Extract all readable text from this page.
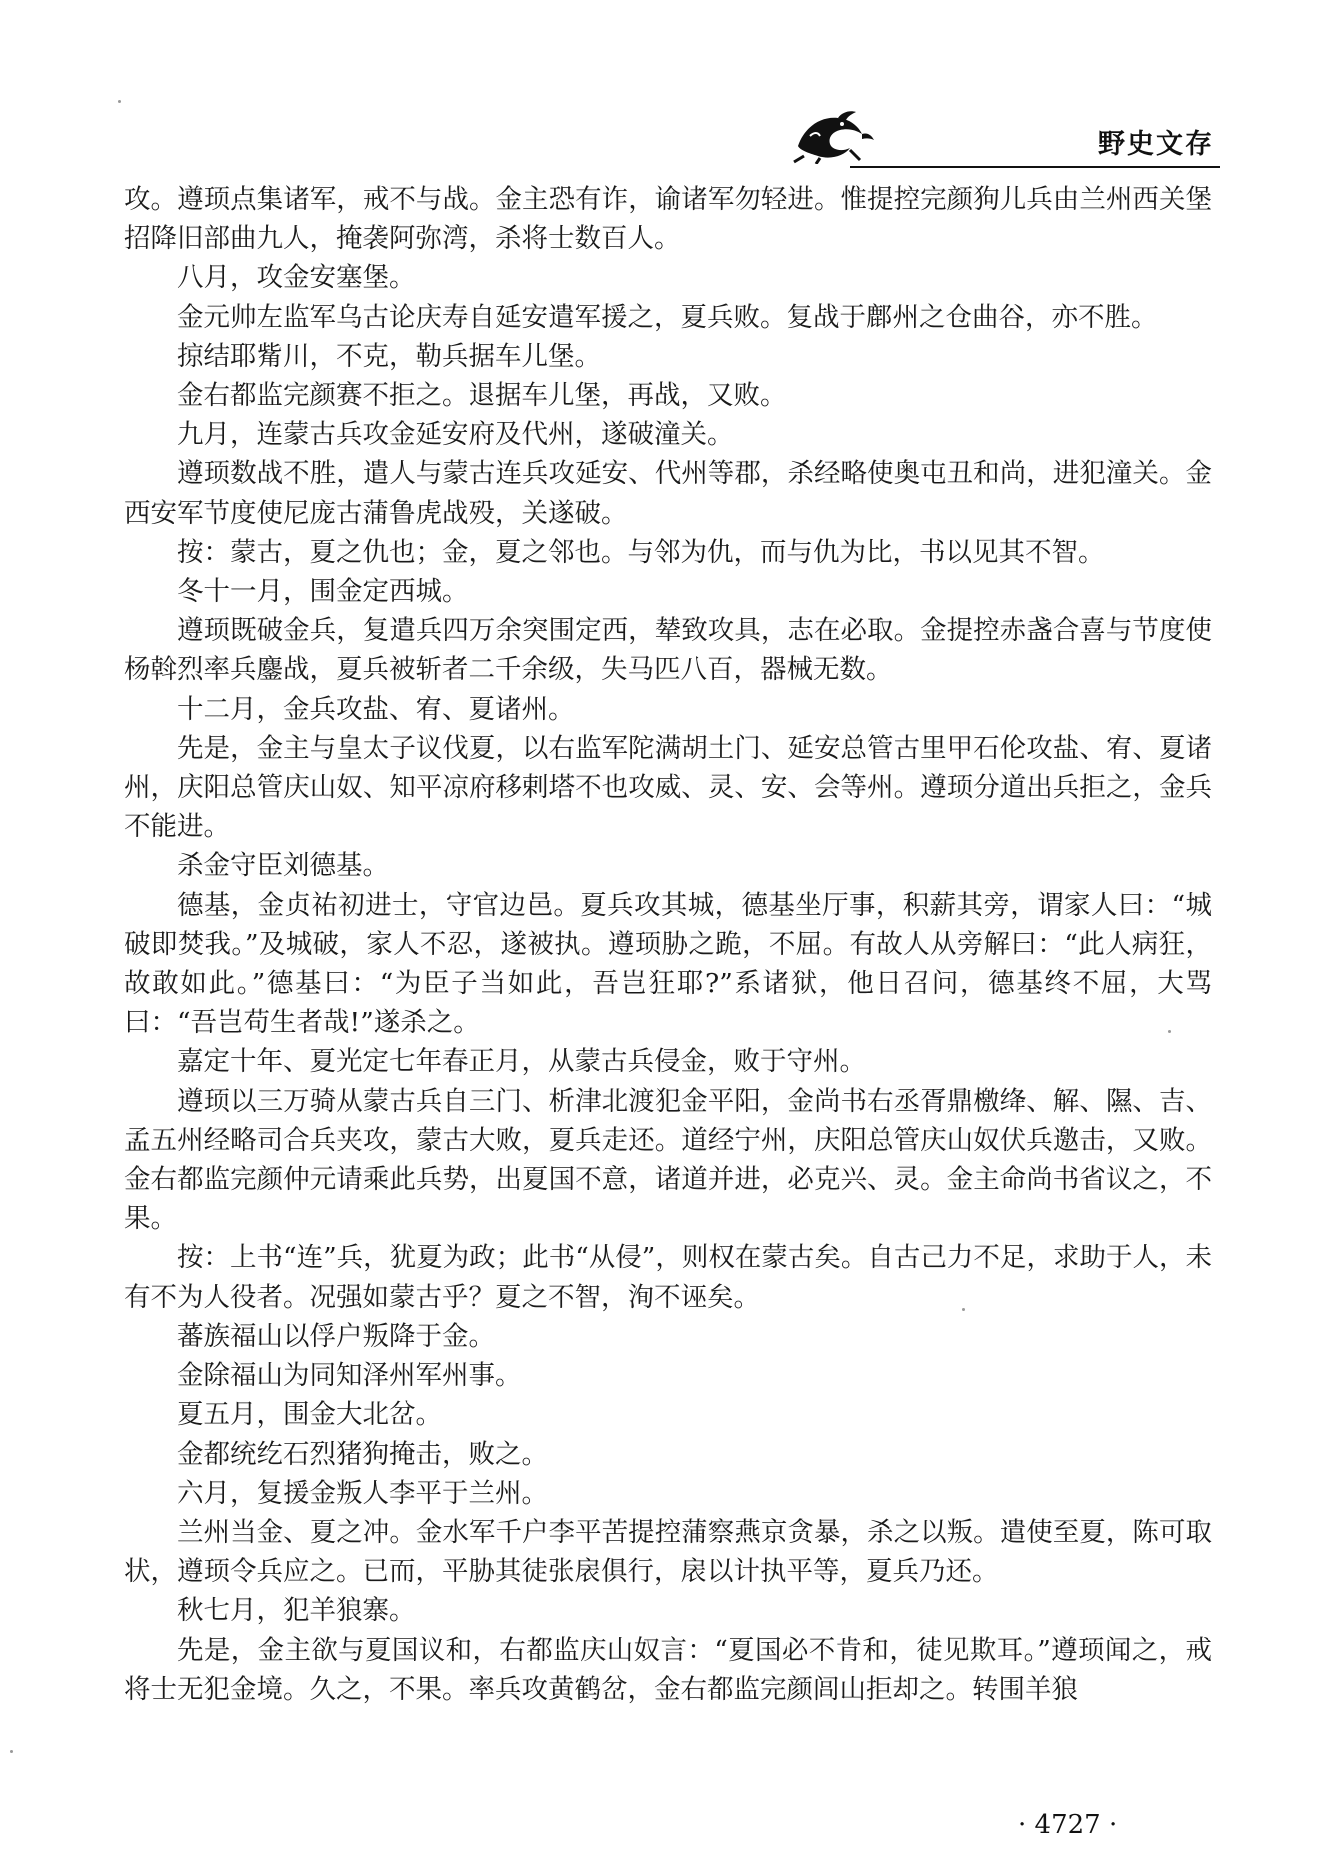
野史文存

攻。遵顼点集诸军，戒不与战。金主恐有诈，谕诸军勿轻进。惟提控完颜狗儿兵由兰州西关堡招降旧部曲九人，掩袭阿弥湾，杀将士数百人。

八月，攻金安塞堡。

金元帅左监军乌古论庆寿自延安遣军援之，夏兵败。复战于鄜州之仓曲谷，亦不胜。

掠结耶觜川，不克，勒兵据车儿堡。

金右都监完颜赛不拒之。退据车儿堡，再战，又败。

九月，连蒙古兵攻金延安府及代州，遂破潼关。

遵顼数战不胜，遣人与蒙古连兵攻延安、代州等郡，杀经略使奥屯丑和尚，进犯潼关。金西安军节度使尼庞古蒲鲁虎战殁，关遂破。

按：蒙古，夏之仇也；金，夏之邻也。与邻为仇，而与仇为比，书以见其不智。

冬十一月，围金定西城。

遵顼既破金兵，复遣兵四万余突围定西，辇致攻具，志在必取。金提控赤盏合喜与节度使杨斡烈率兵鏖战，夏兵被斩者二千余级，失马匹八百，器械无数。

十二月，金兵攻盐、宥、夏诸州。

先是，金主与皇太子议伐夏，以右监军陀满胡土门、延安总管古里甲石伦攻盐、宥、夏诸州，庆阳总管庆山奴、知平凉府移剌塔不也攻威、灵、安、会等州。遵顼分道出兵拒之，金兵不能进。

杀金守臣刘德基。

德基，金贞祐初进士，守官边邑。夏兵攻其城，德基坐厅事，积薪其旁，谓家人曰：“城破即焚我。”及城破，家人不忍，遂被执。遵顼胁之跪，不屈。有故人从旁解曰：“此人病狂，故敢如此。”德基曰：“为臣子当如此，吾岂狂耶?”系诸狱，他日召问，德基终不屈，大骂曰：“吾岂苟生者哉!”遂杀之。

嘉定十年、夏光定七年春正月，从蒙古兵侵金，败于守州。

遵顼以三万骑从蒙古兵自三门、析津北渡犯金平阳，金尚书右丞胥鼎檄绛、解、隰、吉、孟五州经略司合兵夹攻，蒙古大败，夏兵走还。道经宁州，庆阳总管庆山奴伏兵邀击，又败。金右都监完颜仲元请乘此兵势，出夏国不意，诸道并进，必克兴、灵。金主命尚书省议之，不果。

按：上书“连”兵，犹夏为政；此书“从侵”，则权在蒙古矣。自古己力不足，求助于人，未有不为人役者。况强如蒙古乎？夏之不智，洵不诬矣。

蕃族福山以俘户叛降于金。

金除福山为同知泽州军州事。

夏五月，围金大北岔。

金都统纥石烈猪狗掩击，败之。

六月，复援金叛人李平于兰州。

兰州当金、夏之冲。金水军千户李平苦提控蒲察燕京贪暴，杀之以叛。遣使至夏，陈可取状，遵顼令兵应之。已而，平胁其徒张扆俱行，扆以计执平等，夏兵乃还。

秋七月，犯羊狼寨。

先是，金主欲与夏国议和，右都监庆山奴言：“夏国必不肯和，徒见欺耳。”遵顼闻之，戒将士无犯金境。久之，不果。率兵攻黄鹤岔，金右都监完颜闾山拒却之。转围羊狼

· 4727 ·
